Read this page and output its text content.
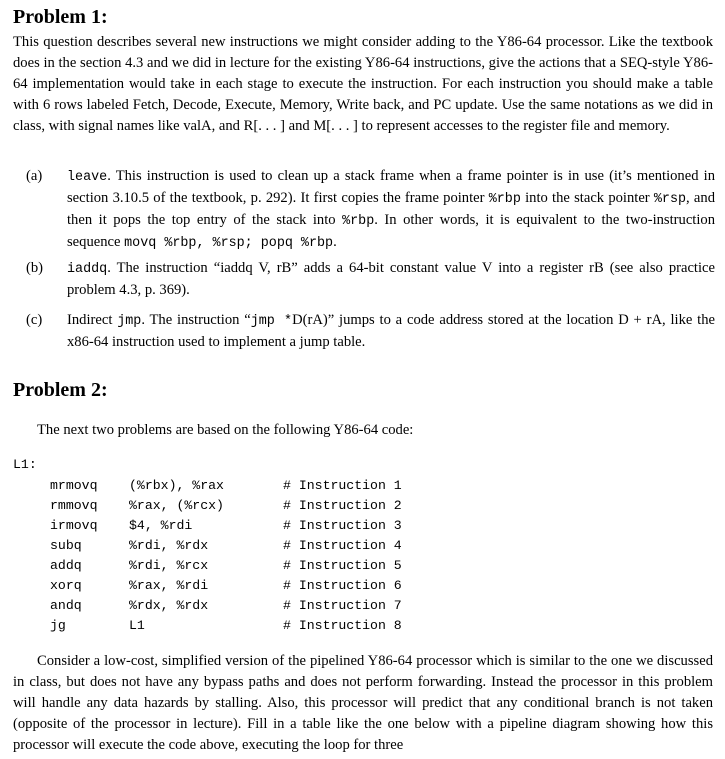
Problem 1:

This question describes several new instructions we might consider adding to the Y86-64 processor. Like the textbook does in the section 4.3 and we did in lecture for the existing Y86-64 instructions, give the actions that a SEQ-style Y86-64 implementation would take in each stage to execute the instruction. For each instruction you should make a table with 6 rows labeled Fetch, Decode, Execute, Memory, Write back, and PC update. Use the same notations as we did in class, with signal names like valA, and R[. . . ] and M[. . . ] to represent accesses to the register file and memory.

(a) leave. This instruction is used to clean up a stack frame when a frame pointer is in use (it’s mentioned in section 3.10.5 of the textbook, p. 292). It first copies the frame pointer %rbp into the stack pointer %rsp, and then it pops the top entry of the stack into %rbp. In other words, it is equivalent to the two-instruction sequence movq %rbp, %rsp; popq %rbp.
(b) iaddq. The instruction “iaddq V, rB” adds a 64-bit constant value V into a register rB (see also practice problem 4.3, p. 369).
(c) Indirect jmp. The instruction “jmp *D(rA)” jumps to a code address stored at the location D + rA, like the x86-64 instruction used to implement a jump table.
Problem 2:
The next two problems are based on the following Y86-64 code:
L1:
mrmovq (%rbx), %rax	# Instruction 1
rmmovq %rax, (%rcx)	# Instruction 2
irmovq $4, %rdi	# Instruction 3
subq	%rdi, %rdx	# Instruction 4
addq	%rdi, %rcx	# Instruction 5
xorq	%rax, %rdi	# Instruction 6
andq	%rdx, %rdx	# Instruction 7
jg	L1	# Instruction 8

Consider a low-cost, simplified version of the pipelined Y86-64 processor which is similar to the one we discussed in class, but does not have any bypass paths and does not perform forwarding. Instead the processor in this problem will handle any data hazards by stalling. Also, this processor will predict that any conditional branch is not taken (opposite of the processor in lecture). Fill in a table like the one below with a pipeline diagram showing how this processor will execute the code above, executing the loop for three
